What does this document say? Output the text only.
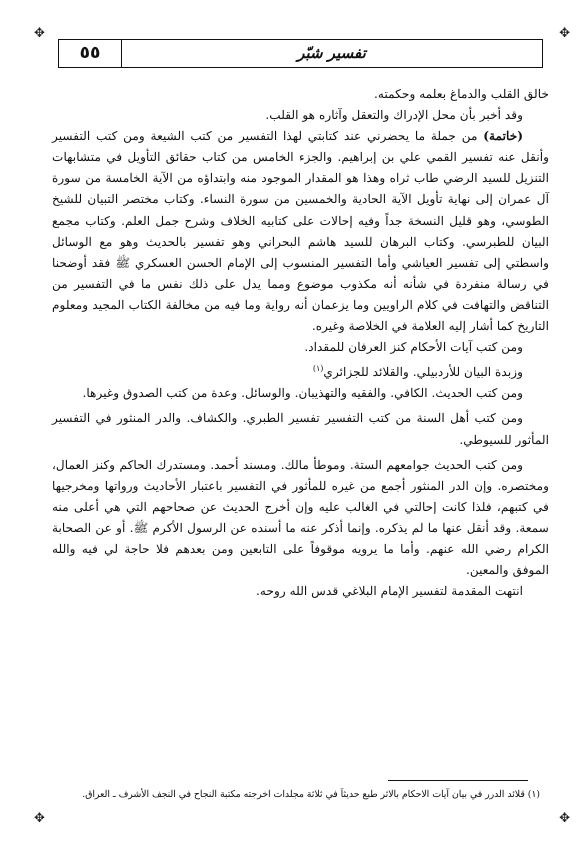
✥	✥
✥	✥
٥٥	تفسير شبّر

خالق القلب والدماغ بعلمه وحكمته.

وقد أخبر بأن محل الإدراك والتعقل وآثاره هو القلب.

(خاتمة) من جملة ما يحضرني عند كتابتي لهذا التفسير من كتب الشيعة ومن كتب التفسير وأنقل عنه تفسير القمي علي بن إبراهيم. والجزء الخامس من كتاب حقائق التأويل في متشابهات التنزيل للسيد الرضي طاب ثراه وهذا هو المقدار الموجود منه وابتداؤه من الآية الخامسة من سورة آل عمران إلى نهاية تأويل الآية الحادية والخمسين من سورة النساء. وكتاب مختصر التبيان للشيخ الطوسي، وهو قليل النسخة جداً وفيه إحالات على كتابيه الخلاف وشرح جمل العلم. وكتاب مجمع البيان للطبرسي. وكتاب البرهان للسيد هاشم البحراني وهو تفسير بالحديث وهو مع الوسائل واسطتي إلى تفسير العياشي وأما التفسير المنسوب إلى الإمام الحسن العسكري ﷺ فقد أوضحنا في رسالة منفردة في شأنه أنه مكذوب موضوع ومما يدل على ذلك نفس ما في التفسير من التناقض والتهافت في كلام الراويين وما يزعمان أنه رواية وما فيه من مخالفة الكتاب المجيد ومعلوم التاريخ كما أشار إليه العلامة في الخلاصة وغيره.

ومن كتب آيات الأحكام كنز العرفان للمقداد.

وزبدة البيان للأردبيلي. والقلائد للجزائري$^{(١)}$

ومن كتب الحديث. الكافي. والفقيه والتهذيبان. والوسائل. وعدة من كتب الصدوق وغيرها.

ومن كتب أهل السنة من كتب التفسير تفسير الطبري. والكشاف. والدر المنثور في التفسير المأثور للسيوطي.

ومن كتب الحديث جوامعهم الستة. وموطأ مالك. ومسند أحمد. ومستدرك الحاكم وكنز العمال، ومختصره. وإن الدر المنثور أجمع من غيره للمأثور في التفسير باعتبار الأحاديث ورواتها ومخرجيها في كتبهم، فلذا كانت إحالتي في الغالب عليه وإن أخرج الحديث عن صحاحهم التي هي أعلى منه سمعة. وقد أنقل عنها ما لم يذكره. وإنما أذكر عنه ما أسنده عن الرسول الأكرم ﷺ. أو عن الصحابة الكرام رضي الله عنهم. وأما ما يرويه موقوفاً على التابعين ومن بعدهم فلا حاجة لي فيه والله الموفق والمعين.

انتهت المقدمة لتفسير الإمام البلاغي قدس الله روحه.

(١) قلائد الدرر في بيان آيات الاحكام بالاثر طبع حديثاً في ثلاثة مجلدات اخرجته مكتبة النجاح في النجف الأشرف ـ العراق.
